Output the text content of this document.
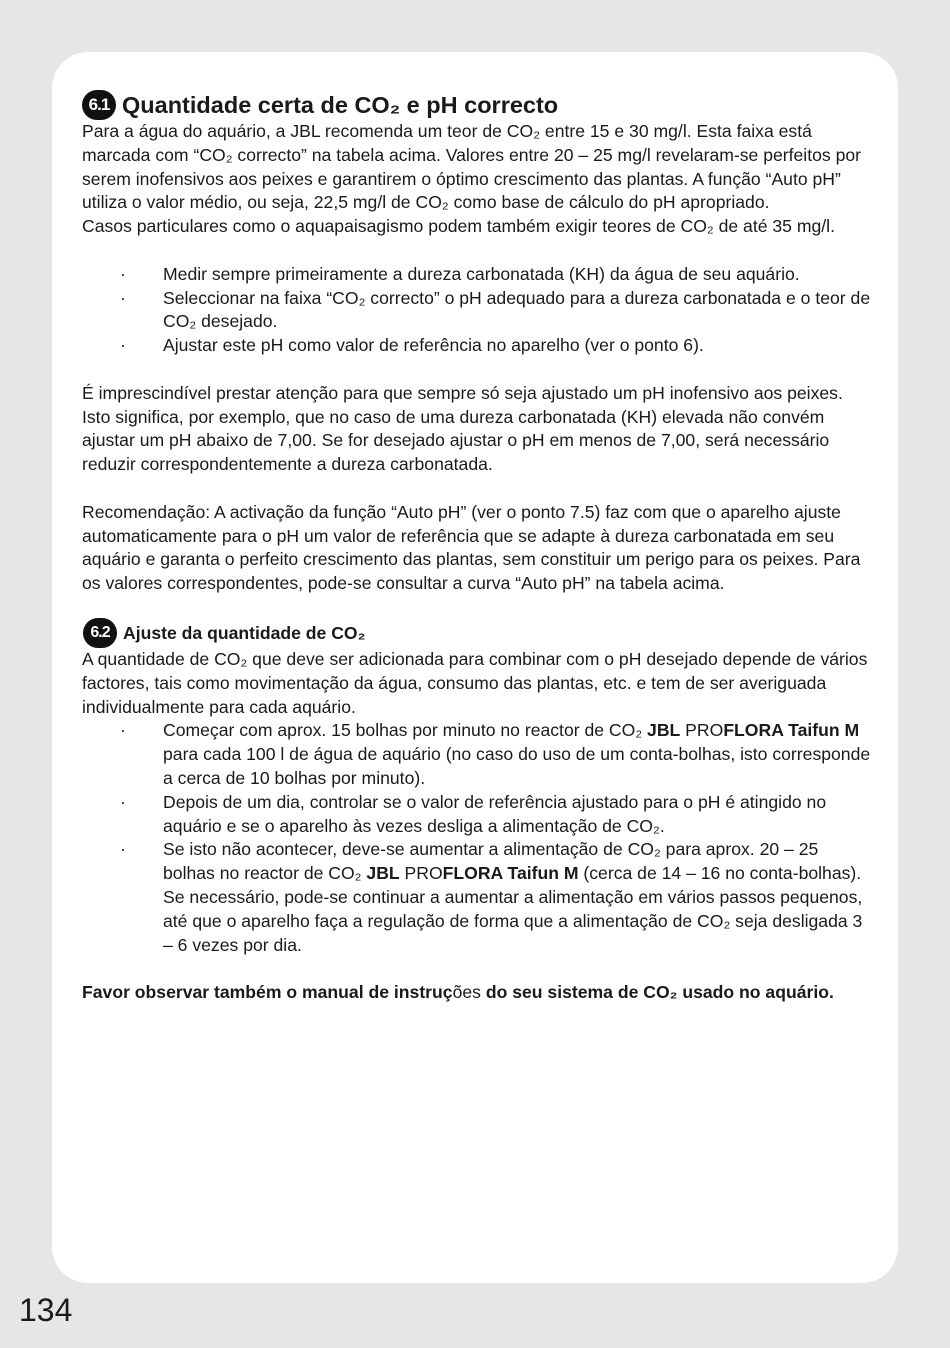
6.1 Quantidade certa de CO₂ e pH correcto

Para a água do aquário, a JBL recomenda um teor de CO₂ entre 15 e 30 mg/l. Esta faixa está marcada com “CO₂ correcto” na tabela acima. Valores entre 20 – 25 mg/l revelaram-se perfeitos por serem inofensivos aos peixes e garantirem o óptimo crescimento das plantas. A função “Auto pH” utiliza o valor médio, ou seja, 22,5 mg/l de CO₂ como base de cálculo do pH apropriado.

Casos particulares como o aquapaisagismo podem também exigir teores de CO₂ de até 35 mg/l.

· Medir sempre primeiramente a dureza carbonatada (KH) da água de seu aquário.
· Seleccionar na faixa “CO₂ correcto” o pH adequado para a dureza carbonatada e o teor de CO₂ desejado.
· Ajustar este pH como valor de referência no aparelho (ver o ponto 6).

É imprescindível prestar atenção para que sempre só seja ajustado um pH inofensivo aos peixes. Isto significa, por exemplo, que no caso de uma dureza carbonatada (KH) elevada não convém ajustar um pH abaixo de 7,00. Se for desejado ajustar o pH em menos de 7,00, será necessário reduzir correspondentemente a dureza carbonatada.

Recomendação: A activação da função “Auto pH” (ver o ponto 7.5) faz com que o aparelho ajuste automaticamente para o pH um valor de referência que se adapte à dureza carbonatada em seu aquário e garanta o perfeito crescimento das plantas, sem constituir um perigo para os peixes. Para os valores correspondentes, pode-se consultar a curva “Auto pH” na tabela acima.

6.2 Ajuste da quantidade de CO₂

A quantidade de CO₂ que deve ser adicionada para combinar com o pH desejado depende de vários factores, tais como movimentação da água, consumo das plantas, etc. e tem de ser averiguada individualmente para cada aquário.

· Começar com aprox. 15 bolhas por minuto no reactor de CO₂ JBL PROFLORA Taifun M para cada 100 l de água de aquário (no caso do uso de um conta-bolhas, isto corresponde a cerca de 10 bolhas por minuto).
· Depois de um dia, controlar se o valor de referência ajustado para o pH é atingido no aquário e se o aparelho às vezes desliga a alimentação de CO₂.
· Se isto não acontecer, deve-se aumentar a alimentação de CO₂ para aprox. 20 – 25 bolhas no reactor de CO₂ JBL PROFLORA Taifun M (cerca de 14 – 16 no conta-bolhas). Se necessário, pode-se continuar a aumentar a alimentação em vários passos pequenos, até que o aparelho faça a regulação de forma que a alimentação de CO₂ seja desligada 3 – 6 vezes por dia.

Favor observar também o manual de instruções do seu sistema de CO₂ usado no aquário.

134
